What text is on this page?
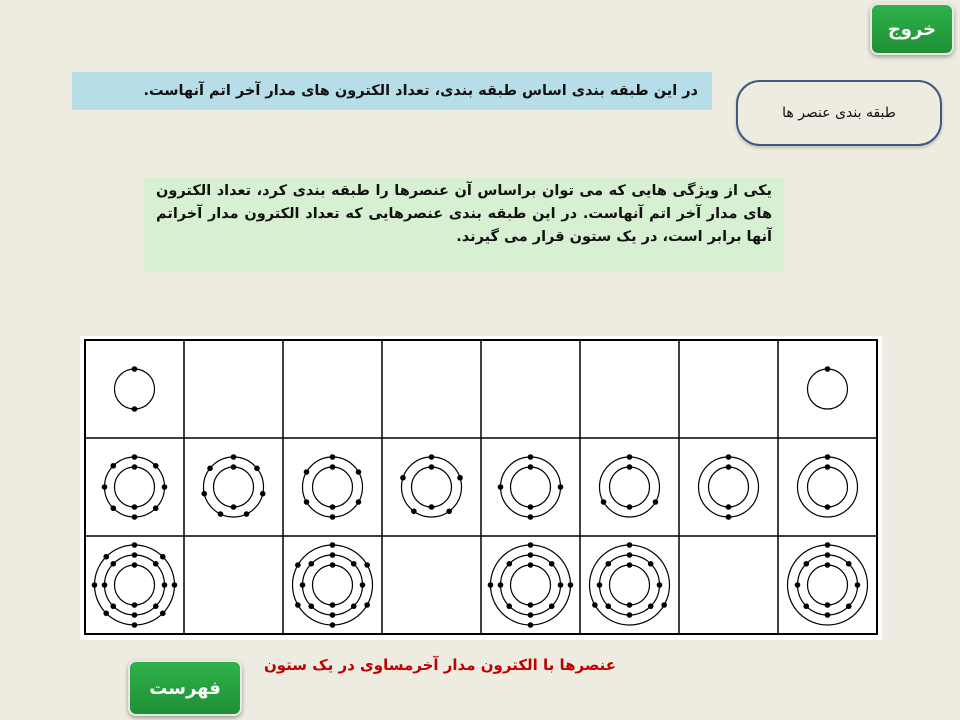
خروج
در این طبقه بندی اساس طبقه بندی، تعداد الکترون های مدار آخر اتم آنهاست.
طبقه بندی عنصر ها
یکی از ویژگی هایی که می توان براساس آن عنصرها را طبقه بندی کرد، تعداد الکترون های مدار آخر اتم آنهاست. در این طبقه بندی عنصرهایی که تعداد الکترون مدار آخراتم آنها برابر است، در یک ستون قرار می گیرند.
عنصرها با الکترون مدار آخرمساوی در یک ستون
فهرست
